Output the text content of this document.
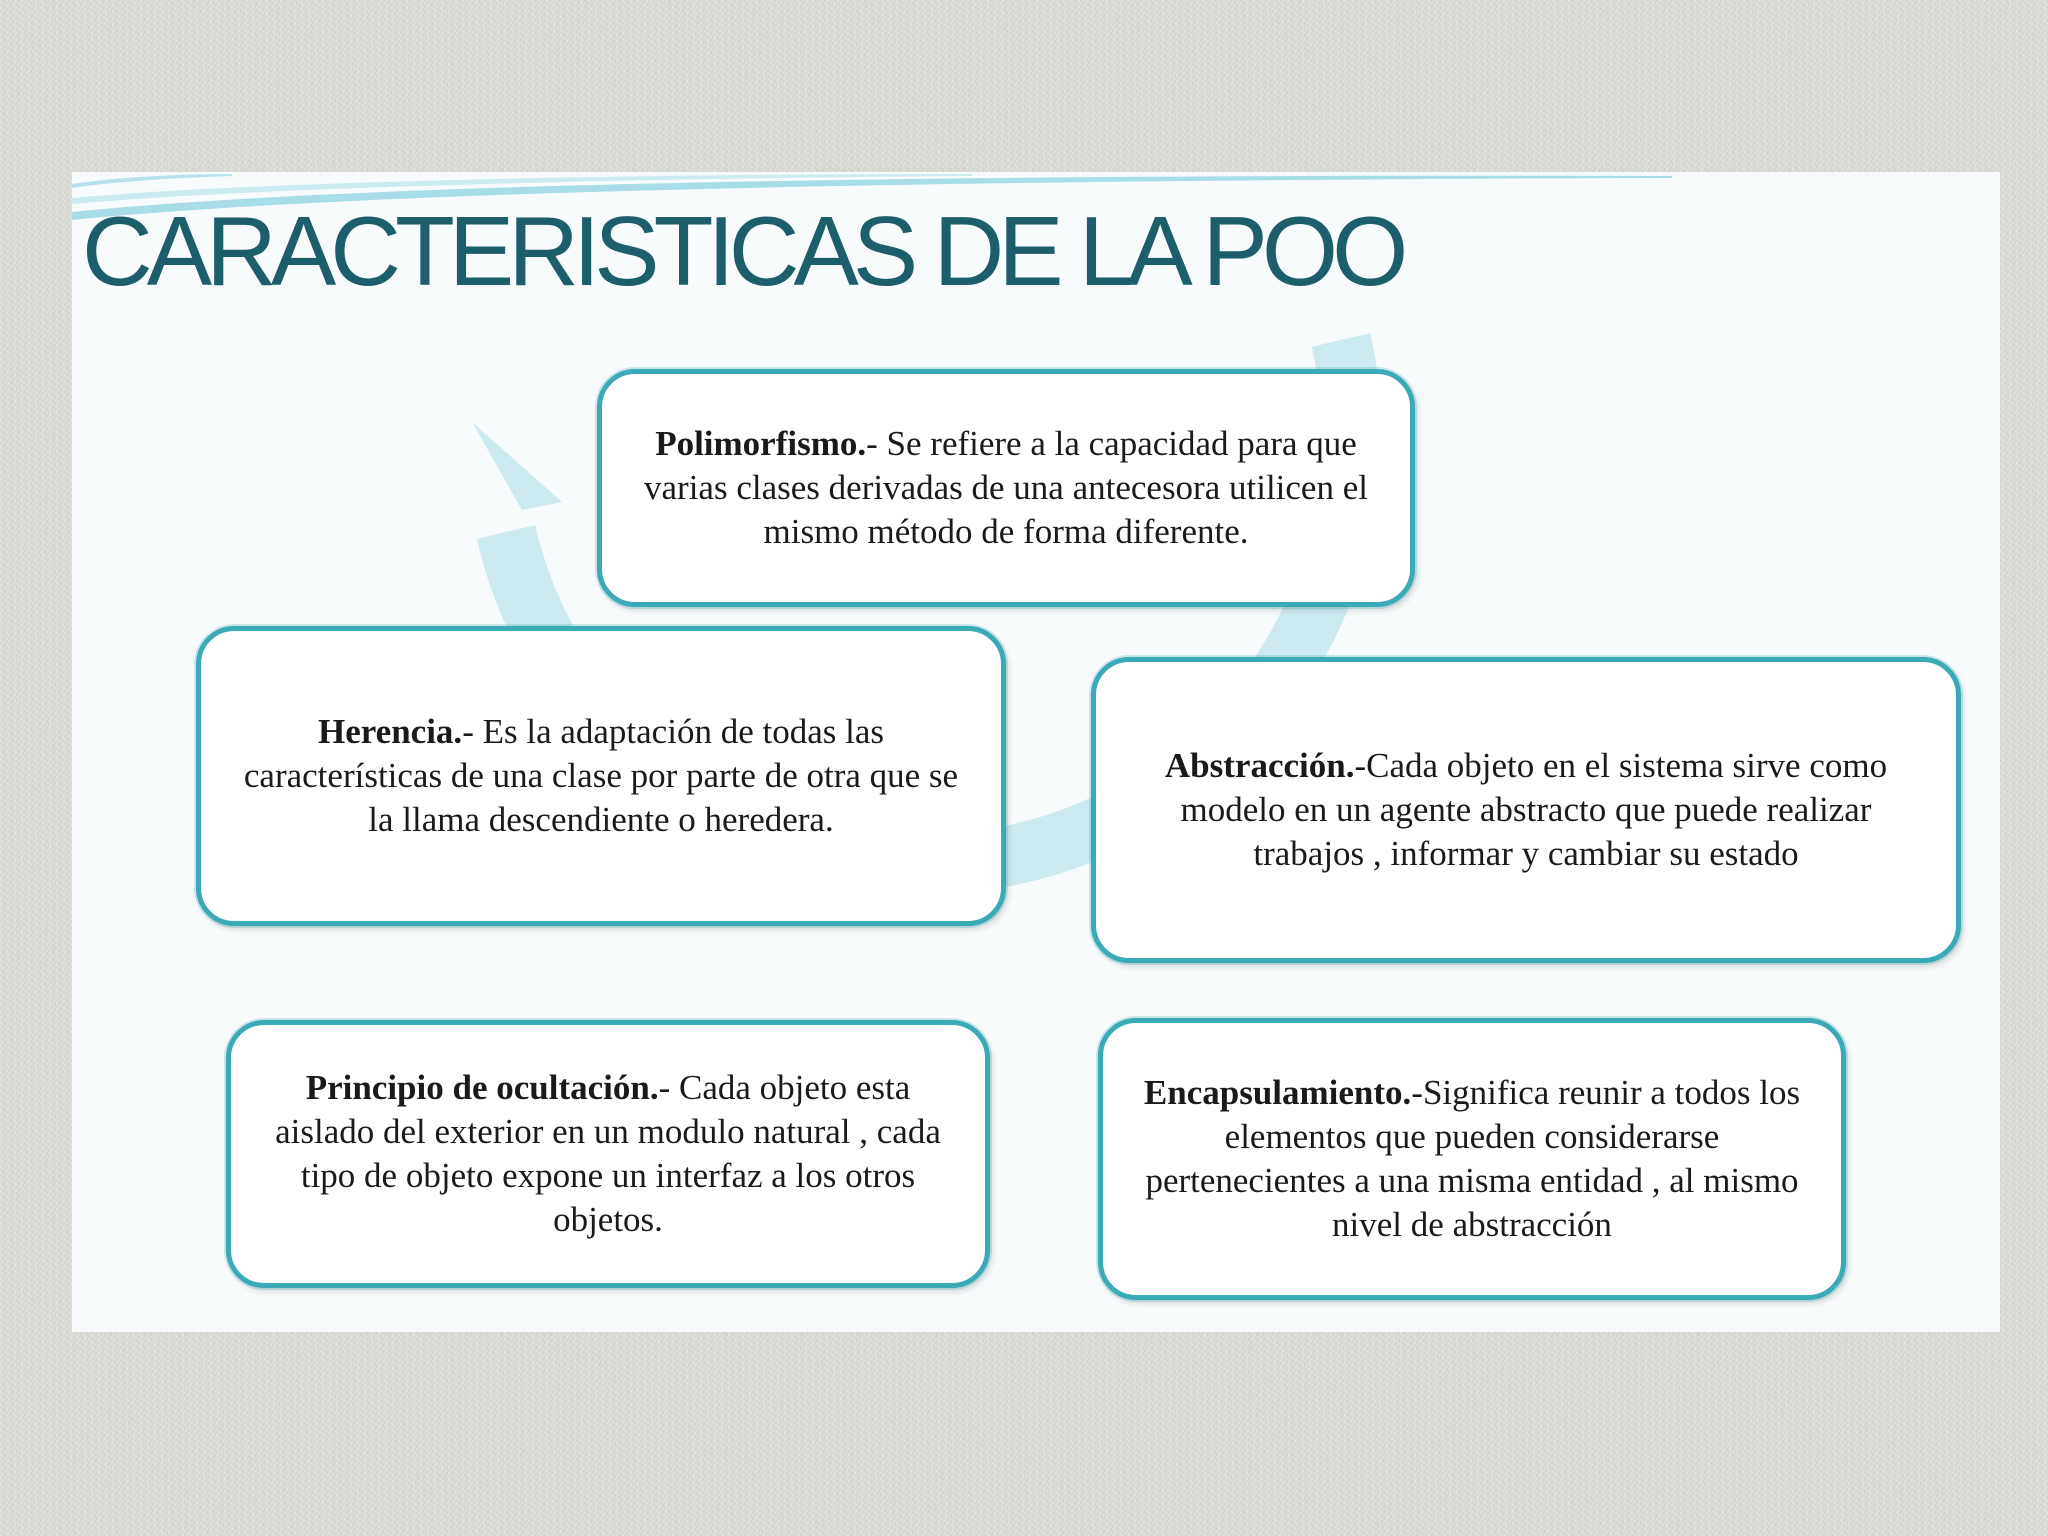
CARACTERISTICAS DE LA POO

Polimorfismo.- Se refiere a la capacidad para que varias clases derivadas de una antecesora utilicen el mismo método de forma diferente.

Herencia.- Es la adaptación de todas las características de una clase por parte de otra que se la llama descendiente o heredera.

Abstracción.-Cada objeto en el sistema sirve como modelo en un agente abstracto que puede realizar trabajos , informar y cambiar su estado

Principio de ocultación.- Cada objeto esta aislado del exterior en un modulo natural , cada tipo de objeto expone un interfaz a los otros objetos.

Encapsulamiento.-Significa reunir a todos los elementos que pueden considerarse pertenecientes a una misma entidad , al mismo nivel de abstracción
